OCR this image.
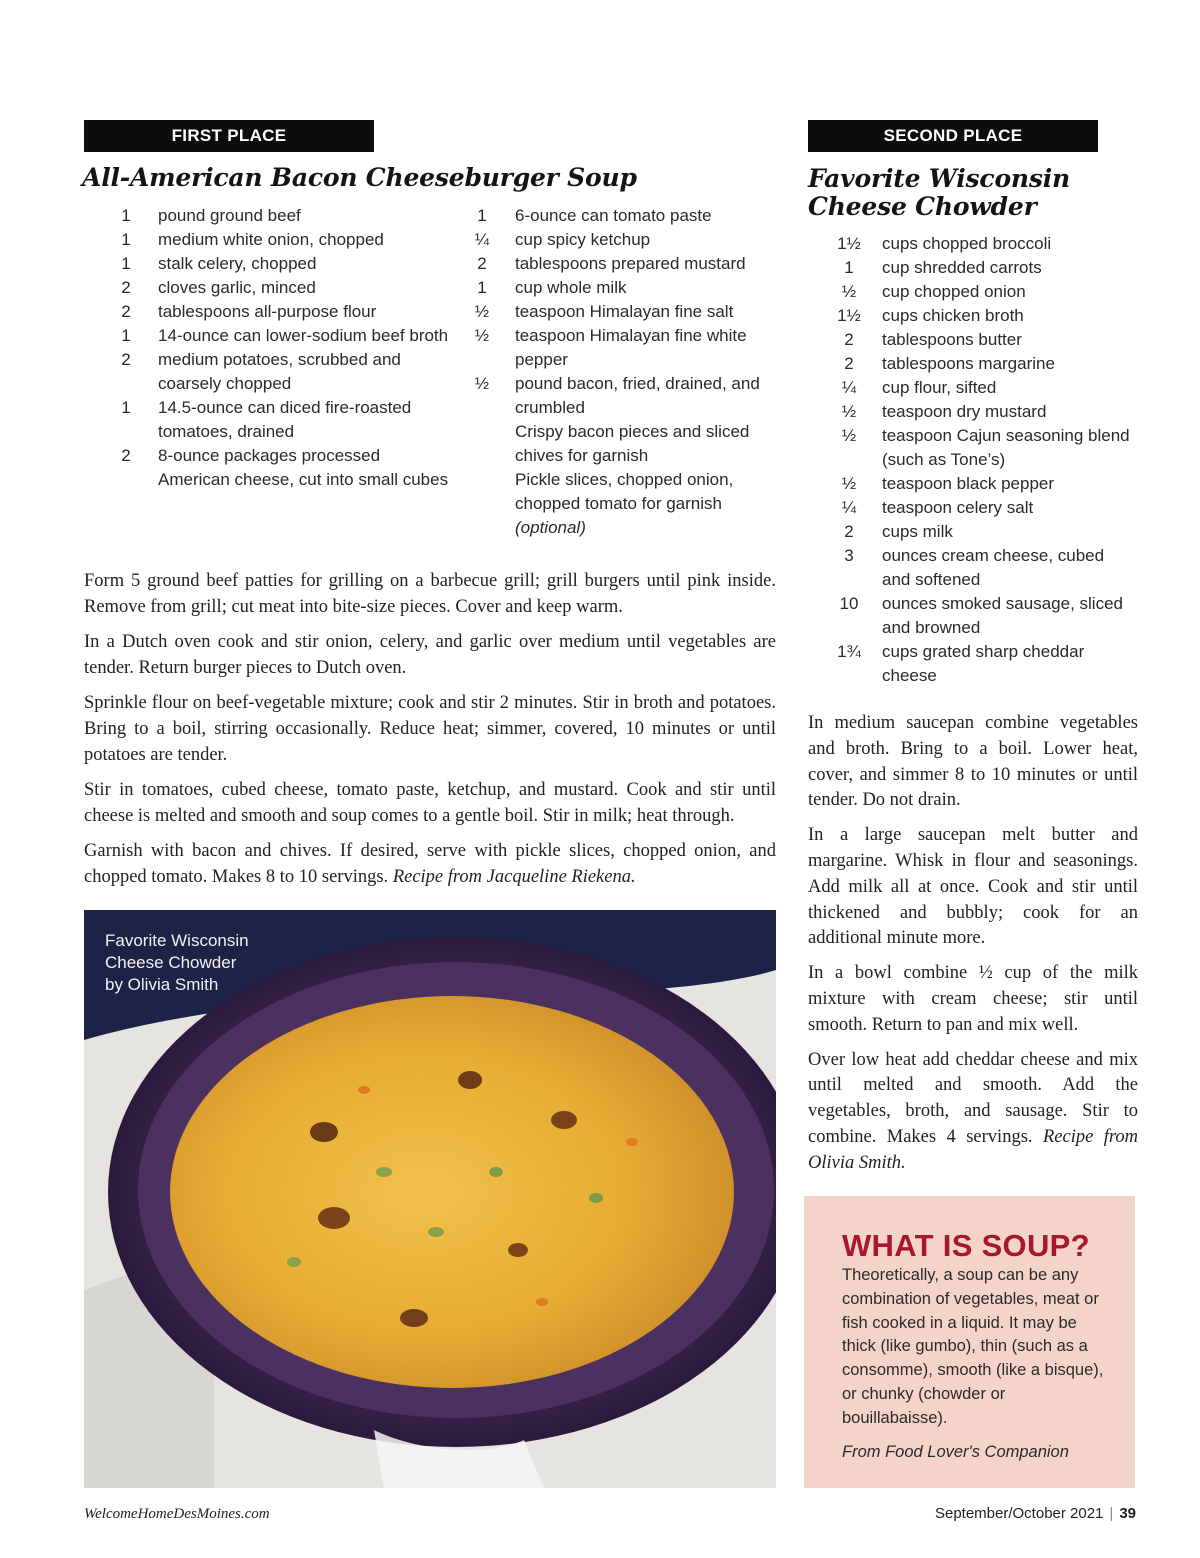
FIRST PLACE
All-American Bacon Cheeseburger Soup
1	pound ground beef
1	medium white onion, chopped
1	stalk celery, chopped
2	cloves garlic, minced
2	tablespoons all-purpose flour
1	14-ounce can lower-sodium beef broth
2	medium potatoes, scrubbed and coarsely chopped
1	14.5-ounce can diced fire-roasted tomatoes, drained
2	8-ounce packages processed American cheese, cut into small cubes
1	6-ounce can tomato paste
¼	cup spicy ketchup
2	tablespoons prepared mustard
1	cup whole milk
½	teaspoon Himalayan fine salt
½	teaspoon Himalayan fine white pepper
½	pound bacon, fried, drained, and crumbled
Crispy bacon pieces and sliced chives for garnish
Pickle slices, chopped onion, chopped tomato for garnish (optional)

Form 5 ground beef patties for grilling on a barbecue grill; grill burgers until pink inside. Remove from grill; cut meat into bite-size pieces. Cover and keep warm.

In a Dutch oven cook and stir onion, celery, and garlic over medium until vegetables are tender. Return burger pieces to Dutch oven.

Sprinkle flour on beef-vegetable mixture; cook and stir 2 minutes. Stir in broth and potatoes. Bring to a boil, stirring occasionally. Reduce heat; simmer, covered, 10 minutes or until potatoes are tender.

Stir in tomatoes, cubed cheese, tomato paste, ketchup, and mustard. Cook and stir until cheese is melted and smooth and soup comes to a gentle boil. Stir in milk; heat through.

Garnish with bacon and chives. If desired, serve with pickle slices, chopped onion, and chopped tomato. Makes 8 to 10 servings. Recipe from Jacqueline Riekena.

Favorite Wisconsin
Cheese Chowder
by Olivia Smith
SECOND PLACE
Favorite Wisconsin
Cheese Chowder
1½	cups chopped broccoli
1	cup shredded carrots
½	cup chopped onion
1½	cups chicken broth
2	tablespoons butter
2	tablespoons margarine
¼	cup flour, sifted
½	teaspoon dry mustard
½	teaspoon Cajun seasoning blend (such as Tone’s)
½	teaspoon black pepper
¼	teaspoon celery salt
2	cups milk
3	ounces cream cheese, cubed and softened
10	ounces smoked sausage, sliced and browned
1¾	cups grated sharp cheddar cheese

In medium saucepan combine vegetables and broth. Bring to a boil. Lower heat, cover, and simmer 8 to 10 minutes or until tender. Do not drain.

In a large saucepan melt butter and margarine. Whisk in flour and seasonings. Add milk all at once. Cook and stir until thickened and bubbly; cook for an additional minute more.

In a bowl combine ½ cup of the milk mixture with cream cheese; stir until smooth. Return to pan and mix well.

Over low heat add cheddar cheese and mix until melted and smooth. Add the vegetables, broth, and sausage. Stir to combine. Makes 4 servings. Recipe from Olivia Smith.

WHAT IS SOUP?
Theoretically, a soup can be any combination of vegetables, meat or fish cooked in a liquid. It may be thick (like gumbo), thin (such as a consomme), smooth (like a bisque), or chunky (chowder or bouillabaisse).
From Food Lover's Companion
WelcomeHomeDesMoines.com	September/October 2021 | 39
